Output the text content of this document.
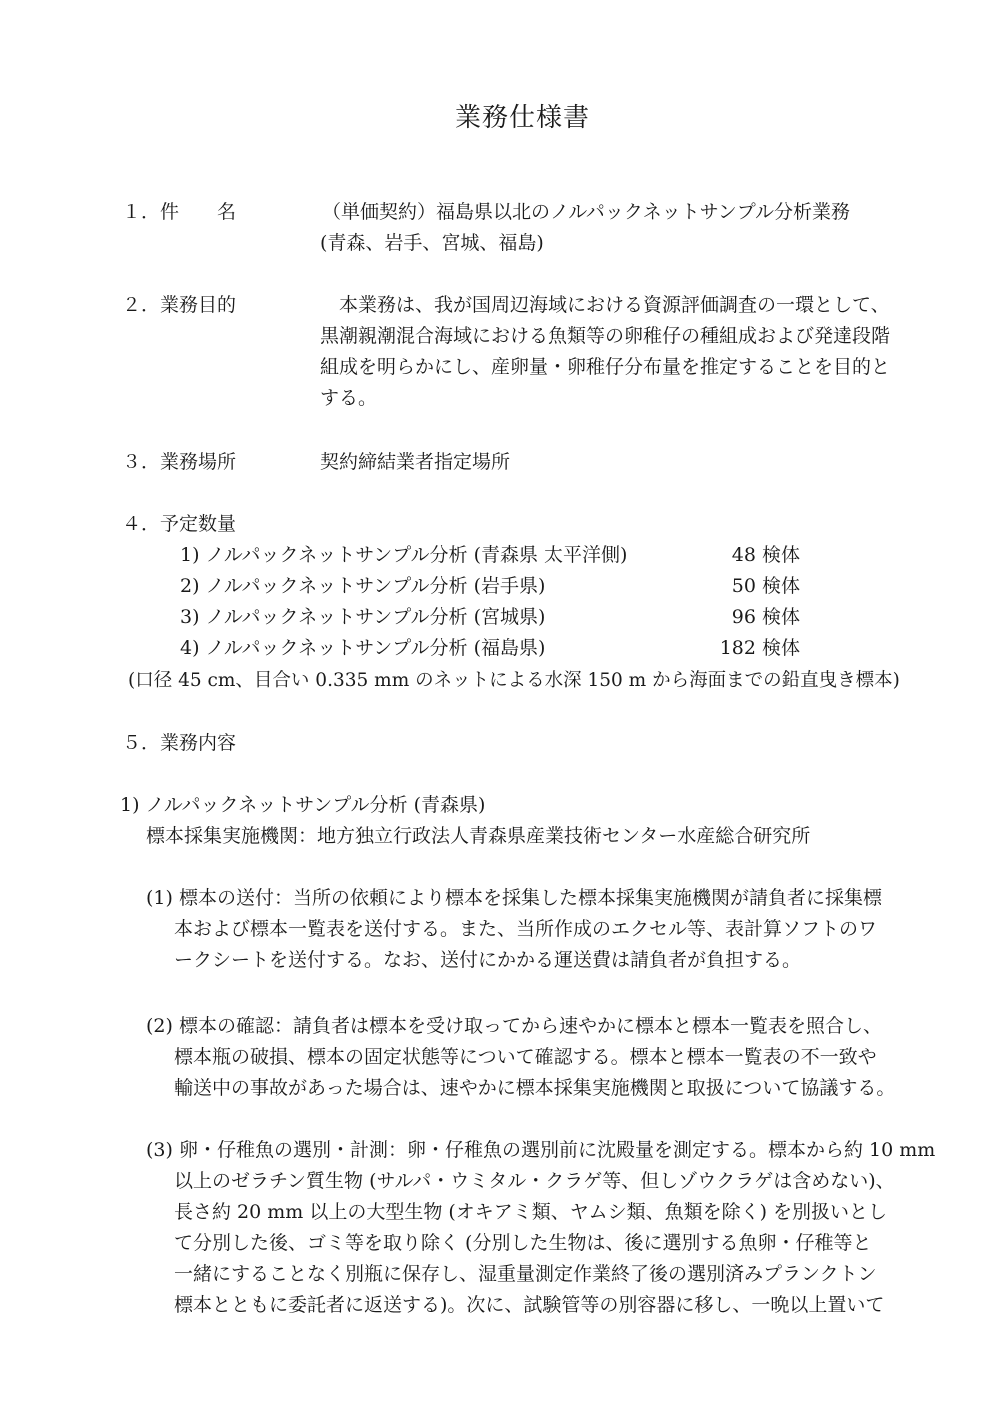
業務仕様書
１． 件　　名	（単価契約）福島県以北のノルパックネットサンプル分析業務
(青森、岩手、宮城、福島)
２． 業務目的	　本業務は、我が国周辺海域における資源評価調査の一環として、
黒潮親潮混合海域における魚類等の卵稚仔の種組成および発達段階
組成を明らかにし、産卵量・卵稚仔分布量を推定することを目的と
する。
３． 業務場所	契約締結業者指定場所
４． 予定数量
1) ノルパックネットサンプル分析 (青森県 太平洋側)	48 検体
2) ノルパックネットサンプル分析 (岩手県)	50 検体
3) ノルパックネットサンプル分析 (宮城県)	96 検体
4) ノルパックネットサンプル分析 (福島県)	182 検体
(口径 45 cm、目合い 0.335 mm のネットによる水深 150 m から海面までの鉛直曳き標本)
５． 業務内容
1) ノルパックネットサンプル分析 (青森県)
標本採集実施機関：地方独立行政法人青森県産業技術センター水産総合研究所
(1) 標本の送付：当所の依頼により標本を採集した標本採集実施機関が請負者に採集標
本および標本一覧表を送付する。また、当所作成のエクセル等、表計算ソフトのワ
ークシートを送付する。なお、送付にかかる運送費は請負者が負担する。
(2) 標本の確認：請負者は標本を受け取ってから速やかに標本と標本一覧表を照合し、
標本瓶の破損、標本の固定状態等について確認する。標本と標本一覧表の不一致や
輸送中の事故があった場合は、速やかに標本採集実施機関と取扱について協議する。
(3) 卵・仔稚魚の選別・計測：卵・仔稚魚の選別前に沈殿量を測定する。標本から約 10 mm
以上のゼラチン質生物 (サルパ・ウミタル・クラゲ等、但しゾウクラゲは含めない)、
長さ約 20 mm 以上の大型生物 (オキアミ類、ヤムシ類、魚類を除く) を別扱いとし
て分別した後、ゴミ等を取り除く (分別した生物は、後に選別する魚卵・仔稚等と
一緒にすることなく別瓶に保存し、湿重量測定作業終了後の選別済みプランクトン
標本とともに委託者に返送する)。次に、試験管等の別容器に移し、一晩以上置いて
